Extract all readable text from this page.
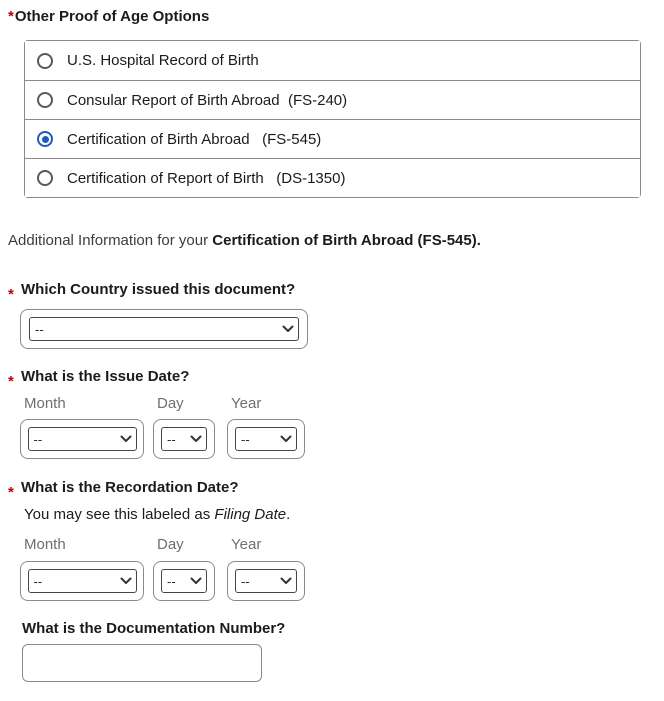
*Other Proof of Age Options
U.S. Hospital Record of Birth
Consular Report of Birth Abroad  (FS-240)
Certification of Birth Abroad   (FS-545)
Certification of Report of Birth   (DS-1350)
Additional Information for your Certification of Birth Abroad (FS-545).
* Which Country issued this document?
--
* What is the Issue Date?
Month	Day	Year
--	--	--
* What is the Recordation Date?
You may see this labeled as Filing Date.
Month	Day	Year
--	--	--
What is the Documentation Number?
